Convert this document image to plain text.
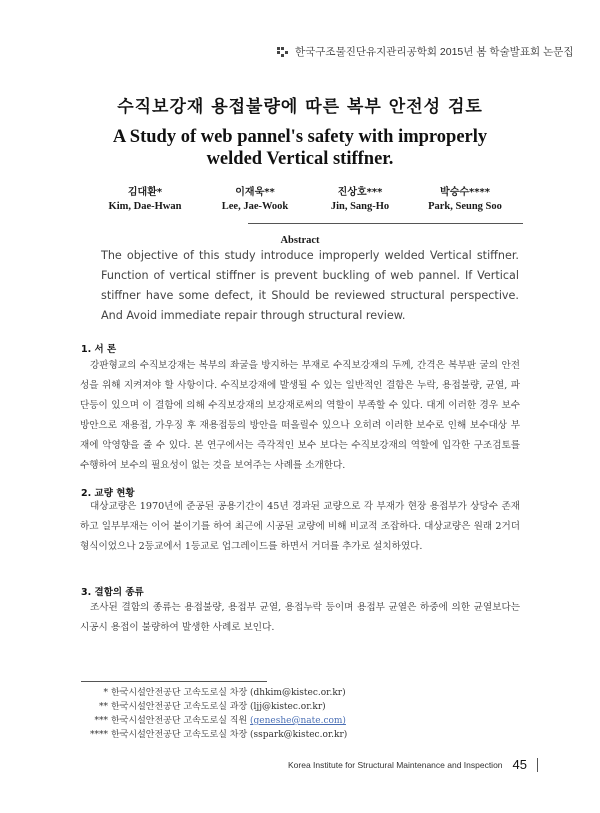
한국구조물진단유지관리공학회 2015년 봄 학술발표회 논문집
수직보강재 용접불량에 따른 복부 안전성 검토
A Study of web pannel's safety with improperly welded Vertical stiffner.
김대환*
Kim, Dae-Hwan
이재욱**
Lee, Jae-Wook
진상호***
Jin, Sang-Ho
박승수****
Park, Seung Soo
Abstract
The objective of this study introduce improperly welded Vertical stiffner. Function of vertical stiffner is prevent buckling of web pannel. If Vertical stiffner have some defect, it Should be reviewed structural perspective. And Avoid immediate repair through structural review.
1. 서 론
강판형교의 수직보강재는 복부의 좌굴을 방지하는 부재로 수직보강재의 두께, 간격은 복부판 굴의 안전성을 위해 지켜져야 할 사항이다. 수직보강재에 발생될 수 있는 일반적인 결함은 누락, 용접불량, 균열, 파단등이 있으며 이 결함에 의해 수직보강재의 보강재로써의 역할이 부족할 수 있다. 대게 이러한 경우 보수방안으로 재용접, 가우징 후 재용접등의 방안을 떠올릴수 있으나 오히려 이러한 보수로 인해 보수대상 부재에 악영향을 줄 수 있다. 본 연구에서는 즉각적인 보수 보다는 수직보강재의 역할에 입각한 구조검토를 수행하여 보수의 필요성이 없는 것을 보여주는 사례를 소개한다.
2. 교량 현황
대상교량은 1970년에 준공된 공용기간이 45년 경과된 교량으로 각 부재가 현장 용접부가 상당수 존재하고 일부부재는 이어 붙이기를 하여 최근에 시공된 교량에 비해 비교적 조잡하다. 대상교량은 원래 2거더 형식이었으나 2등교에서 1등교로 업그레이드를 하면서 거더를 추가로 설치하였다.
3. 결함의 종류
조사된 결함의 종류는 용접불량, 용접부 균열, 용접누락 등이며 용접부 균열은 하중에 의한 균열보다는 시공시 용접이 불량하여 발생한 사례로 보인다.
* 한국시설안전공단 고속도로실 차장
(dhkim@kistec.or.kr)
** 한국시설안전공단 고속도로실 과장
(ljj@kistec.or.kr)
*** 한국시설안전공단 고속도로실 직원
(geneshe@nate.com)
**** 한국시설안전공단 고속도로실 차장
(sspark@kistec.or.kr)
Korea Institute for Structural Maintenance and Inspection 45
